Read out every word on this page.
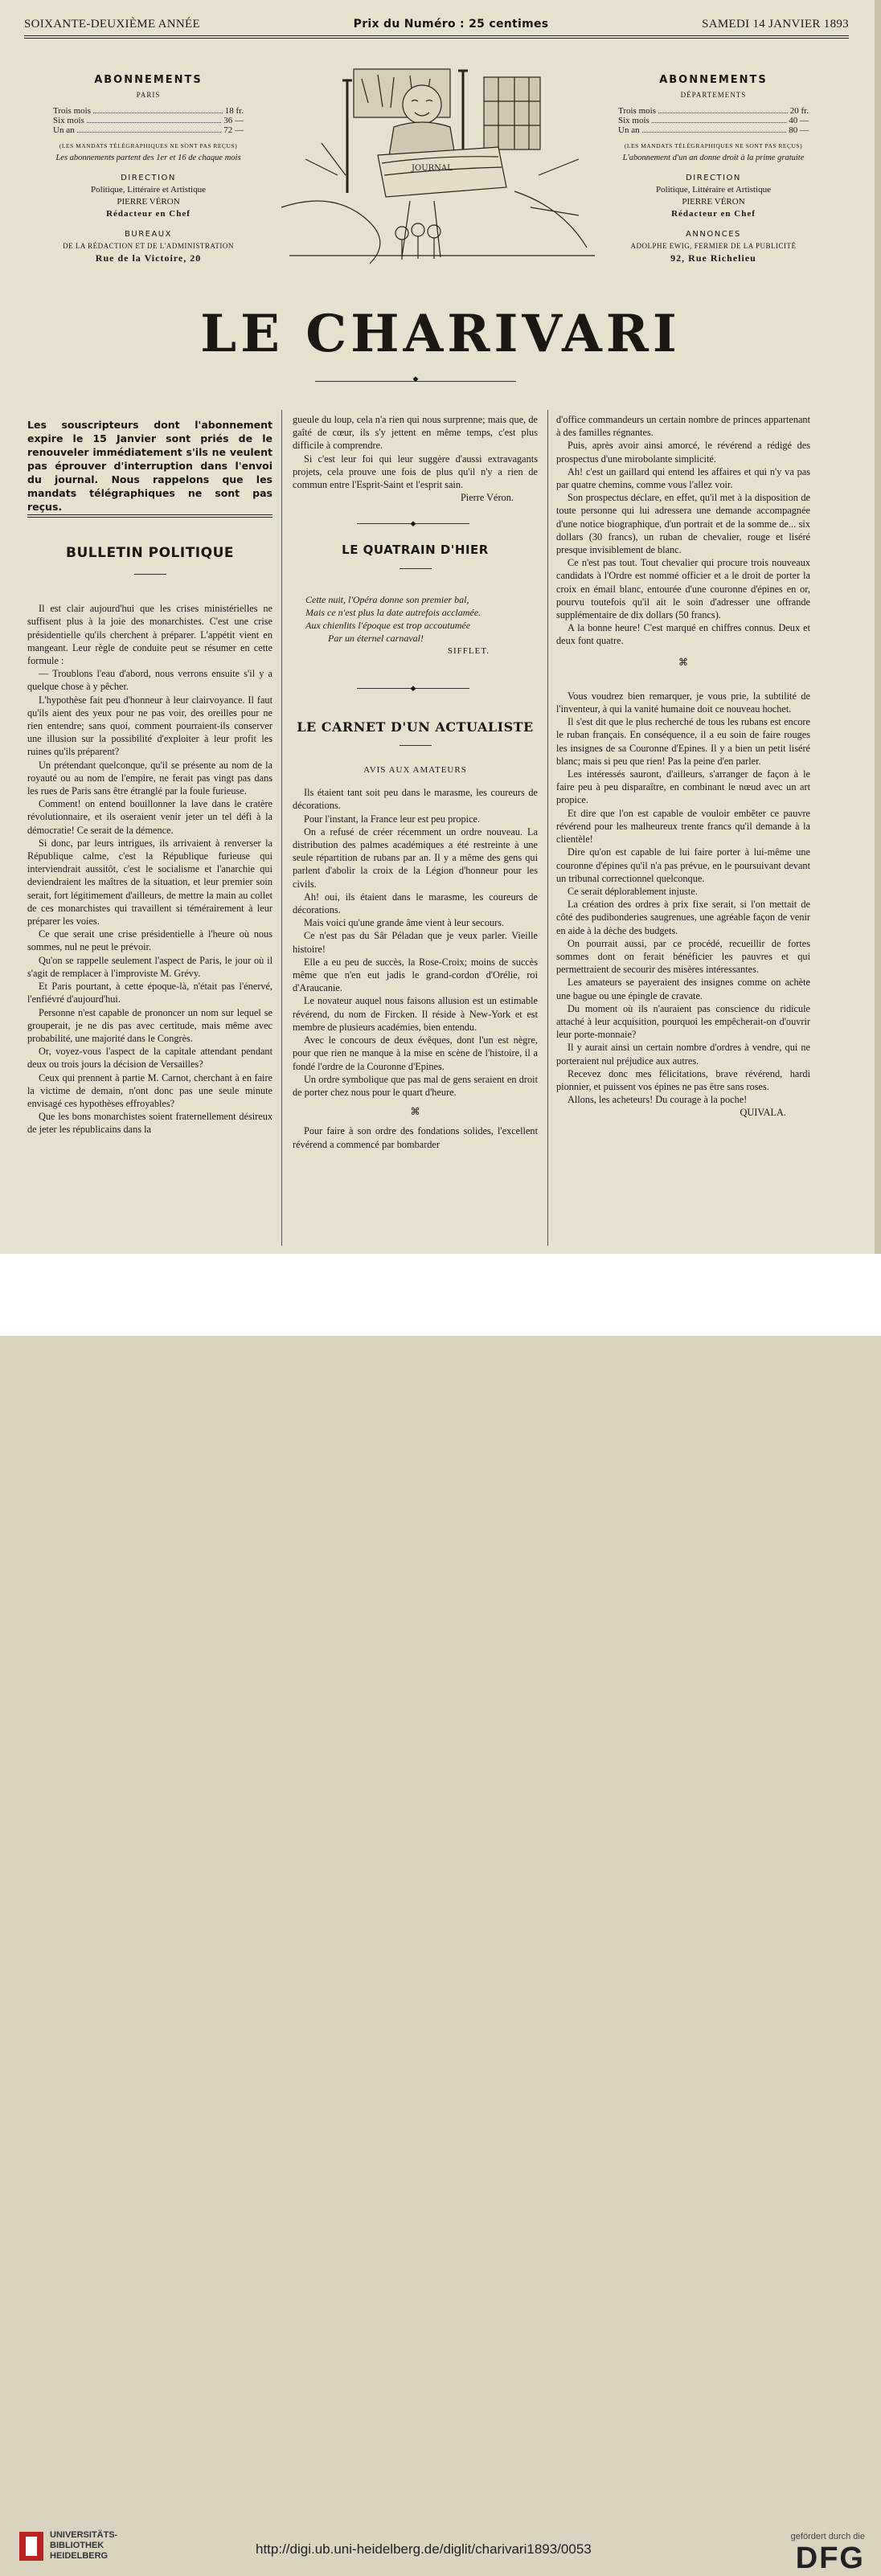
SOIXANTE-DEUXIÈME ANNÉE	Prix du Numéro : 25 centimes	SAMEDI 14 JANVIER 1893
ABONNEMENTS
PARIS
Trois mois	18 fr.
Six mois	36 —
Un an	72 —
(LES MANDATS TÉLÉGRAPHIQUES NE SONT PAS REÇUS)
Les abonnements partent des 1er et 16 de chaque mois
DIRECTION
Politique, Littéraire et Artistique
PIERRE VÉRON
Rédacteur en Chef
BUREAUX
DE LA RÉDACTION ET DE L'ADMINISTRATION
Rue de la Victoire, 20
ABONNEMENTS
DÉPARTEMENTS
Trois mois	20 fr.
Six mois	40 —
Un an	80 —
(LES MANDATS TÉLÉGRAPHIQUES NE SONT PAS REÇUS)
L'abonnement d'un an donne droit à la prime gratuite
DIRECTION
Politique, Littéraire et Artistique
PIERRE VÉRON
Rédacteur en Chef
ANNONCES
ADOLPHE EWIG, FERMIER DE LA PUBLICITÉ
92, Rue Richelieu
JOURNAL
LE CHARIVARI
◆
Les souscripteurs dont l'abonnement expire le 15 Janvier sont priés de le renouveler immédiatement s'ils ne veulent pas éprouver d'interruption dans l'envoi du journal. Nous rappelons que les mandats télégraphiques ne sont pas reçus.
BULLETIN POLITIQUE

Il est clair aujourd'hui que les crises ministérielles ne suffisent plus à la joie des monarchistes. C'est une crise présidentielle qu'ils cherchent à préparer. L'appétit vient en mangeant. Leur règle de conduite peut se résumer en cette formule :

— Troublons l'eau d'abord, nous verrons ensuite s'il y a quelque chose à y pêcher.

L'hypothèse fait peu d'honneur à leur clairvoyance. Il faut qu'ils aient des yeux pour ne pas voir, des oreilles pour ne rien entendre; sans quoi, comment pourraient-ils conserver une illusion sur la possibilité d'exploiter à leur profit les ruines qu'ils préparent?

Un prétendant quelconque, qu'il se présente au nom de la royauté ou au nom de l'empire, ne ferait pas vingt pas dans les rues de Paris sans être étranglé par la foule furieuse.

Comment! on entend bouillonner la lave dans le cratère révolutionnaire, et ils oseraient venir jeter un tel défi à la démocratie! Ce serait de la démence.

Si donc, par leurs intrigues, ils arrivaient à renverser la République calme, c'est la République furieuse qui interviendrait aussitôt, c'est le socialisme et l'anarchie qui deviendraient les maîtres de la situation, et leur premier soin serait, fort légitimement d'ailleurs, de mettre la main au collet de ces monarchistes qui travaillent si témérairement à leur préparer les voies.

Ce que serait une crise présidentielle à l'heure où nous sommes, nul ne peut le prévoir.

Qu'on se rappelle seulement l'aspect de Paris, le jour où il s'agit de remplacer à l'improviste M. Grévy.

Et Paris pourtant, à cette époque-là, n'était pas l'énervé, l'enfiévré d'aujourd'hui.

Personne n'est capable de prononcer un nom sur lequel se grouperait, je ne dis pas avec certitude, mais même avec probabilité, une majorité dans le Congrès.

Or, voyez-vous l'aspect de la capitale attendant pendant deux ou trois jours la décision de Versailles?

Ceux qui prennent à partie M. Carnot, cherchant à en faire la victime de demain, n'ont donc pas une seule minute envisagé ces hypothèses effroyables?

Que les bons monarchistes soient fraternellement désireux de jeter les républicains dans la

gueule du loup, cela n'a rien qui nous surprenne; mais que, de gaîté de cœur, ils s'y jettent en même temps, c'est plus difficile à comprendre.

Si c'est leur foi qui leur suggère d'aussi extravagants projets, cela prouve une fois de plus qu'il n'y a rien de commun entre l'Esprit-Saint et l'esprit sain.

Pierre Véron.
◆
LE QUATRAIN D'HIER
Cette nuit, l'Opéra donne son premier bal,
Mais ce n'est plus la date autrefois acclamée.
Aux chienlits l'époque est trop accoutumée
Par un éternel carnaval!
SIFFLET.
◆
LE CARNET D'UN ACTUALISTE
AVIS AUX AMATEURS

Ils étaient tant soit peu dans le marasme, les coureurs de décorations.

Pour l'instant, la France leur est peu propice.

On a refusé de créer récemment un ordre nouveau. La distribution des palmes académiques a été restreinte à une seule répartition de rubans par an. Il y a même des gens qui parlent d'abolir la croix de la Légion d'honneur pour les civils.

Ah! oui, ils étaient dans le marasme, les coureurs de décorations.

Mais voici qu'une grande âme vient à leur secours.

Ce n'est pas du Sâr Péladan que je veux parler. Vieille histoire!

Elle a eu peu de succès, la Rose-Croix; moins de succès même que n'en eut jadis le grand-cordon d'Orélie, roi d'Araucanie.

Le novateur auquel nous faisons allusion est un estimable révérend, du nom de Fircken. Il réside à New-York et est membre de plusieurs académies, bien entendu.

Avec le concours de deux évêques, dont l'un est nègre, pour que rien ne manque à la mise en scène de l'histoire, il a fondé l'ordre de la Couronne d'Epines.

Un ordre symbolique que pas mal de gens seraient en droit de porter chez nous pour le quart d'heure.

⌘

Pour faire à son ordre des fondations solides, l'excellent révérend a commencé par bombarder

d'office commandeurs un certain nombre de princes appartenant à des familles régnantes.

Puis, après avoir ainsi amorcé, le révérend a rédigé des prospectus d'une mirobolante simplicité.

Ah! c'est un gaillard qui entend les affaires et qui n'y va pas par quatre chemins, comme vous l'allez voir.

Son prospectus déclare, en effet, qu'il met à la disposition de toute personne qui lui adressera une demande accompagnée d'une notice biographique, d'un portrait et de la somme de... six dollars (30 francs), un ruban de chevalier, rouge et liséré presque invisiblement de blanc.

Ce n'est pas tout. Tout chevalier qui procure trois nouveaux candidats à l'Ordre est nommé officier et a le droit de porter la croix en émail blanc, entourée d'une couronne d'épines en or, pourvu toutefois qu'il ait le soin d'adresser une offrande supplémentaire de dix dollars (50 francs).

A la bonne heure! C'est marqué en chiffres connus. Deux et deux font quatre.

⌘

Vous voudrez bien remarquer, je vous prie, la subtilité de l'inventeur, à qui la vanité humaine doit ce nouveau hochet.

Il s'est dit que le plus recherché de tous les rubans est encore le ruban français. En conséquence, il a eu soin de faire rouges les insignes de sa Couronne d'Epines. Il y a bien un petit liséré blanc; mais si peu que rien! Pas la peine d'en parler.

Les intéressés sauront, d'ailleurs, s'arranger de façon à le faire peu à peu disparaître, en combinant le nœud avec un art propice.

Et dire que l'on est capable de vouloir embêter ce pauvre révérend pour les malheureux trente francs qu'il demande à la clientèle!

Dire qu'on est capable de lui faire porter à lui-même une couronne d'épines qu'il n'a pas prévue, en le poursuivant devant un tribunal correctionnel quelconque.

Ce serait déplorablement injuste.

La création des ordres à prix fixe serait, si l'on mettait de côté des pudibonderies saugrenues, une agréable façon de venir en aide à la dèche des budgets.

On pourrait aussi, par ce procédé, recueillir de fortes sommes dont on ferait bénéficier les pauvres et qui permettraient de secourir des misères intéressantes.

Les amateurs se payeraient des insignes comme on achète une bague ou une épingle de cravate.

Du moment où ils n'auraient pas conscience du ridicule attaché à leur acquisition, pourquoi les empêcherait-on d'ouvrir leur porte-monnaie?

Il y aurait ainsi un certain nombre d'ordres à vendre, qui ne porteraient nul préjudice aux autres.

Recevez donc mes félicitations, brave révérend, hardi pionnier, et puissent vos épines ne pas être sans roses.

Allons, les acheteurs! Du courage à la poche!

QUIVALA.
UNIVERSITÄTS-
BIBLIOTHEK
HEIDELBERG	http://digi.ub.uni-heidelberg.de/diglit/charivari1893/0053
gefördert durch die
DFG
